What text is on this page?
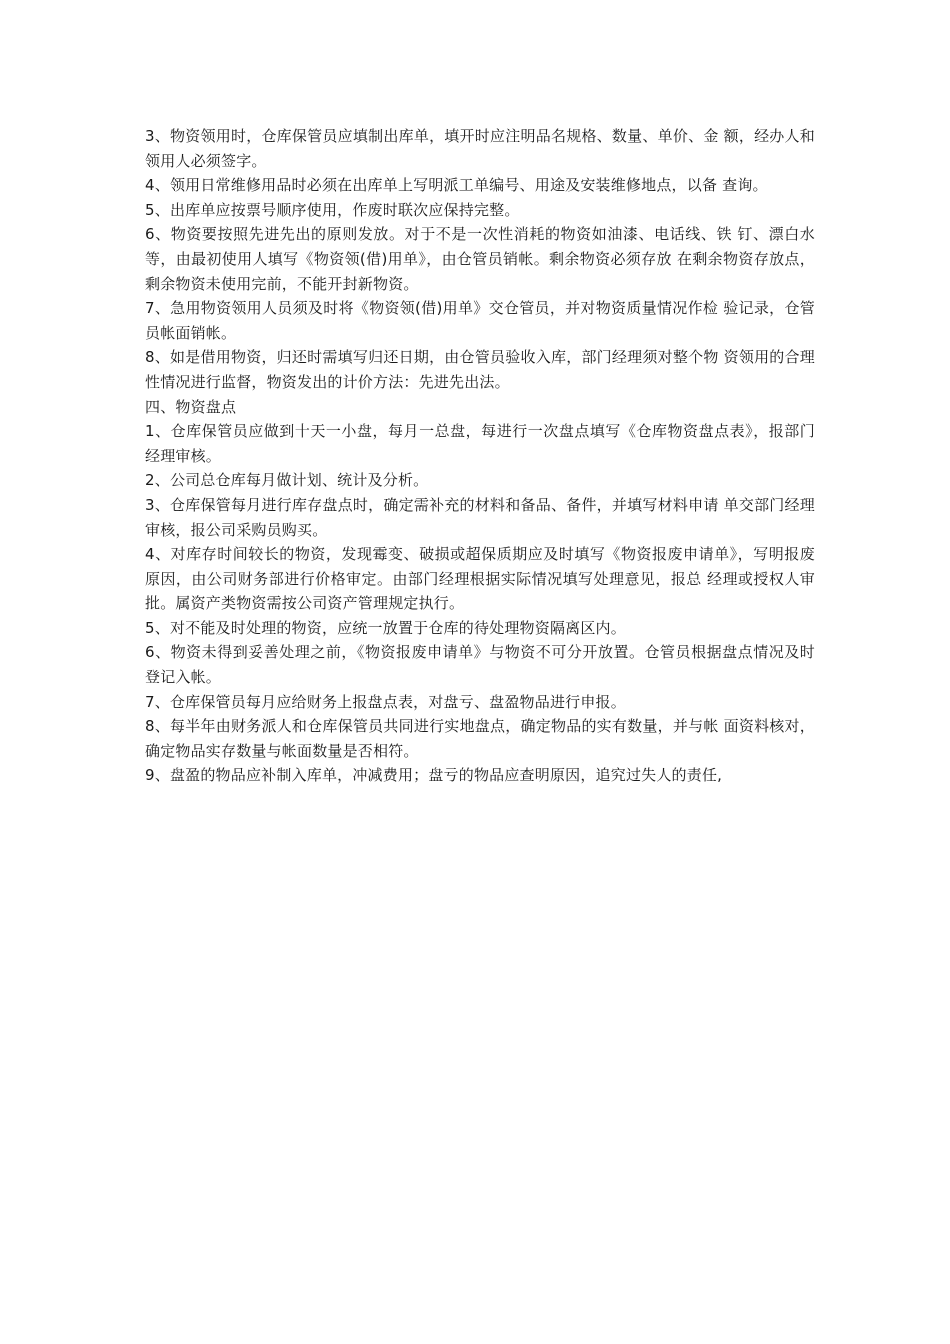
3、物资领用时，仓库保管员应填制出库单，填开时应注明品名规格、数量、单价、金 额，经办人和领用人必须签字。

4、领用日常维修用品时必须在出库单上写明派工单编号、用途及安装维修地点，以备 查询。

5、出库单应按票号顺序使用，作废时联次应保持完整。

6、物资要按照先进先出的原则发放。对于不是一次性消耗的物资如油漆、电话线、铁 钉、漂白水等，由最初使用人填写《物资领(借)用单》，由仓管员销帐。剩余物资必须存放 在剩余物资存放点，剩余物资未使用完前，不能开封新物资。

7、急用物资领用人员须及时将《物资领(借)用单》交仓管员，并对物资质量情况作检 验记录，仓管员帐面销帐。

8、如是借用物资，归还时需填写归还日期，由仓管员验收入库，部门经理须对整个物 资领用的合理性情况进行监督，物资发出的计价方法：先进先出法。

四、物资盘点

1、仓库保管员应做到十天一小盘，每月一总盘，每进行一次盘点填写《仓库物资盘点表》，报部门经理审核。

2、公司总仓库每月做计划、统计及分析。

3、仓库保管每月进行库存盘点时，确定需补充的材料和备品、备件，并填写材料申请 单交部门经理审核，报公司采购员购买。

4、对库存时间较长的物资，发现霉变、破损或超保质期应及时填写《物资报废申请单》，写明报废原因，由公司财务部进行价格审定。由部门经理根据实际情况填写处理意见，报总 经理或授权人审批。属资产类物资需按公司资产管理规定执行。

5、对不能及时处理的物资，应统一放置于仓库的待处理物资隔离区内。

6、物资未得到妥善处理之前，《物资报废申请单》与物资不可分开放置。仓管员根据盘点情况及时登记入帐。

7、仓库保管员每月应给财务上报盘点表，对盘亏、盘盈物品进行申报。

8、每半年由财务派人和仓库保管员共同进行实地盘点，确定物品的实有数量，并与帐 面资料核对，确定物品实存数量与帐面数量是否相符。

9、盘盈的物品应补制入库单，冲减费用；盘亏的物品应查明原因，追究过失人的责任,
